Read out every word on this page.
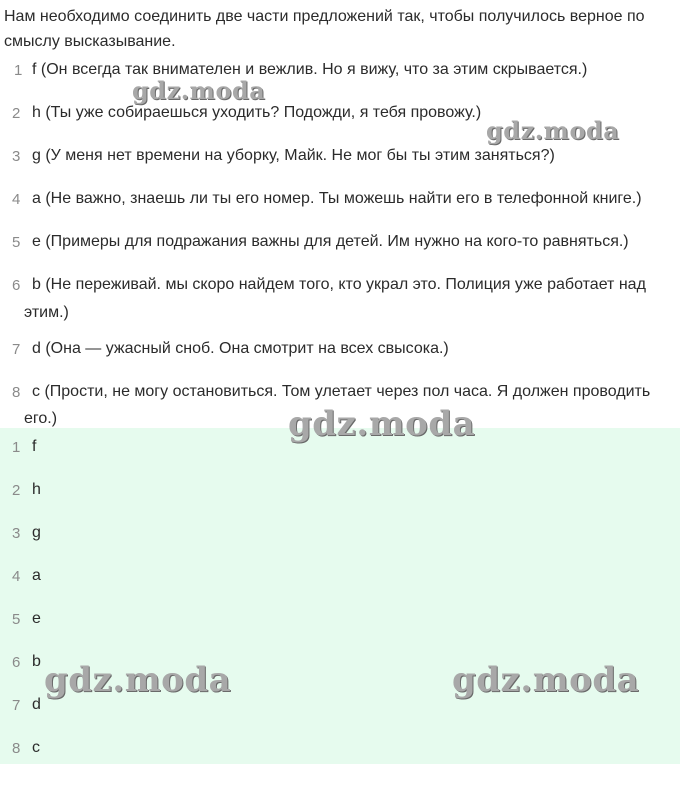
Нам необходимо соединить две части предложений так, чтобы получилось верное по смыслу высказывание.

1 f (Он всегда так внимателен и вежлив. Но я вижу, что за этим скрывается.)
2 h (Ты уже собираешься уходить? Подожди, я тебя провожу.)
3 g (У меня нет времени на уборку, Майк. Не мог бы ты этим заняться?)
4 a (Не важно, знаешь ли ты его номер. Ты можешь найти его в телефонной книге.)
5 e (Примеры для подражания важны для детей. Им нужно на кого-то равняться.)
6 b (Не переживай. мы скоро найдем того, кто украл это. Полиция уже работает над
этим.)
7 d (Она — ужасный сноб. Она смотрит на всех свысока.)
8 c (Прости, не могу остановиться. Том улетает через пол часа. Я должен проводить
его.)
1 f
2 h
3 g
4 a
5 e
6 b
7 d
8 c
gdz.moda
gdz.moda
gdz.moda
gdz.moda	gdz.moda
